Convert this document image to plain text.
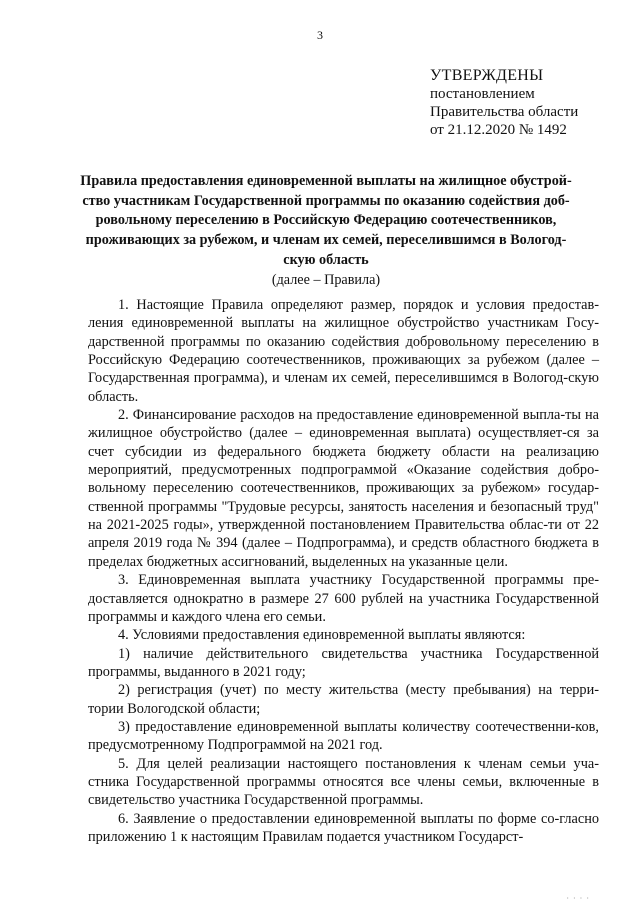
3
УТВЕРЖДЕНЫ
постановлением
Правительства области
от 21.12.2020 № 1492
Правила предоставления единовременной выплаты на жилищное обустрой-
ство участникам Государственной программы по оказанию содействия доб-
ровольному переселению в Российскую Федерацию соотечественников,
проживающих за рубежом, и членам их семей, переселившимся в Вологод-
скую область
(далее – Правила)

1. Настоящие Правила определяют размер, порядок и условия предостав-ления единовременной выплаты на жилищное обустройство участникам Госу-дарственной программы по оказанию содействия добровольному переселению в Российскую Федерацию соотечественников, проживающих за рубежом (далее – Государственная программа), и членам их семей, переселившимся в Вологод-скую область.

2. Финансирование расходов на предоставление единовременной выпла-ты на жилищное обустройство (далее – единовременная выплата) осуществляет-ся за счет субсидии из федерального бюджета бюджету области на реализацию мероприятий, предусмотренных подпрограммой «Оказание содействия добро-вольному переселению соотечественников, проживающих за рубежом» государ-ственной программы "Трудовые ресурсы, занятость населения и безопасный труд" на 2021-2025 годы», утвержденной постановлением Правительства облас-ти от 22 апреля 2019 года № 394 (далее – Подпрограмма), и средств областного бюджета в пределах бюджетных ассигнований, выделенных на указанные цели.

3. Единовременная выплата участнику Государственной программы пре-доставляется однократно в размере 27 600 рублей на участника Государственной программы и каждого члена его семьи.

4. Условиями предоставления единовременной выплаты являются:

1) наличие действительного свидетельства участника Государственной программы, выданного в 2021 году;

2) регистрация (учет) по месту жительства (месту пребывания) на терри-тории Вологодской области;

3) предоставление единовременной выплаты количеству соотечественни-ков, предусмотренному Подпрограммой на 2021 год.

5. Для целей реализации настоящего постановления к членам семьи уча-стника Государственной программы относятся все члены семьи, включенные в свидетельство участника Государственной программы.

6. Заявление о предоставлении единовременной выплаты по форме со-гласно приложению 1 к настоящим Правилам подается участником Государст-

· · · ·
